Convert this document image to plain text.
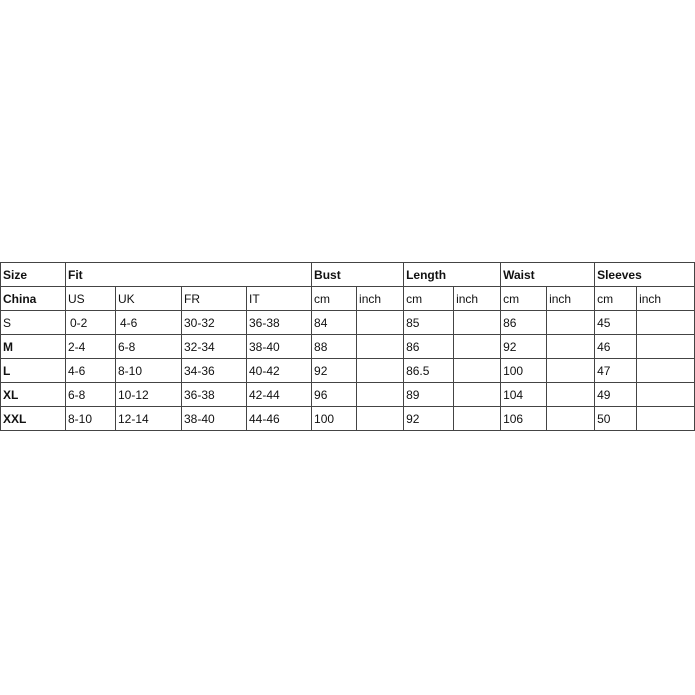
Size	Fit				Bust		Length		Waist		Sleeves	
China	US	UK	FR	IT	cm	inch	cm	inch	cm	inch	cm	inch
S	0-2	4-6	30-32	36-38	84		85		86		45	
M	2-4	6-8	32-34	38-40	88		86		92		46	
L	4-6	8-10	34-36	40-42	92		86.5		100		47	
XL	6-8	10-12	36-38	42-44	96		89		104		49	
XXL	8-10	12-14	38-40	44-46	100		92		106		50	
